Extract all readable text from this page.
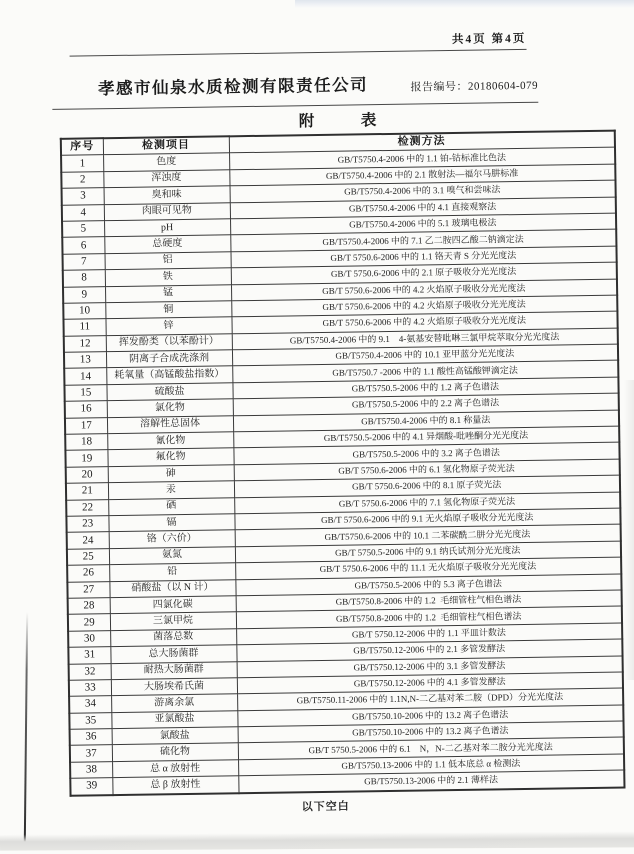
共4页 第4页
孝感市仙泉水质检测有限责任公司	报告编号：20180604-079
附　　　表
序号	检测项目	检测方法
1	色度	GB/T5750.4-2006 中的 1.1 铂-钴标准比色法
2	浑浊度	GB/T5750.4-2006 中的 2.1 散射法—福尔马肼标准
3	臭和味	GB/T5750.4-2006 中的 3.1 嗅气和尝味法
4	肉眼可见物	GB/T5750.4-2006 中的 4.1 直接观察法
5	pH	GB/T5750.4-2006 中的 5.1 玻璃电极法
6	总硬度	GB/T5750.4-2006 中的 7.1 乙二胺四乙酸二钠滴定法
7	铝	GB/T 5750.6-2006 中的 1.1 铬天青 S 分光光度法
8	铁	GB/T 5750.6-2006 中的 2.1 原子吸收分光光度法
9	锰	GB/T 5750.6-2006 中的 4.2 火焰原子吸收分光光度法
10	铜	GB/T 5750.6-2006 中的 4.2 火焰原子吸收分光光度法
11	锌	GB/T 5750.6-2006 中的 4.2 火焰原子吸收分光光度法
12	挥发酚类（以苯酚计）	GB/T5750.4-2006 中的 9.1　4-氨基安替吡啉三氯甲烷萃取分光光度法
13	阴离子合成洗涤剂	GB/T5750.4-2006 中的 10.1 亚甲蓝分光光度法
14	耗氧量（高锰酸盐指数）	GB/T5750.7 -2006 中的 1.1 酸性高锰酸钾滴定法
15	硫酸盐	GB/T5750.5-2006 中的 1.2 离子色谱法
16	氯化物	GB/T5750.5-2006 中的 2.2 离子色谱法
17	溶解性总固体	GB/T5750.4-2006 中的 8.1 称量法
18	氰化物	GB/T5750.5-2006 中的 4.1 异烟酸-吡唑酮分光光度法
19	氟化物	GB/T5750.5-2006 中的 3.2 离子色谱法
20	砷	GB/T 5750.6-2006 中的 6.1 氢化物原子荧光法
21	汞	GB/T 5750.6-2006 中的 8.1 原子荧光法
22	硒	GB/T 5750.6-2006 中的 7.1 氢化物原子荧光法
23	镉	GB/T 5750.6-2006 中的 9.1 无火焰原子吸收分光光度法
24	铬（六价）	GB/T5750.6-2006 中的 10.1 二苯碳酰二肼分光光度法
25	氨氮	GB/T 5750.5-2006 中的 9.1 纳氏试剂分光光度法
26	铅	GB/T 5750.6-2006 中的 11.1 无火焰原子吸收分光光度法
27	硝酸盐（以 N 计）	GB/T5750.5-2006 中的 5.3 离子色谱法
28	四氯化碳	GB/T5750.8-2006 中的 1.2  毛细管柱气相色谱法
29	三氯甲烷	GB/T5750.8-2006 中的 1.2  毛细管柱气相色谱法
30	菌落总数	GB/T 5750.12-2006 中的 1.1 平皿计数法
31	总大肠菌群	GB/T5750.12-2006 中的 2.1 多管发酵法
32	耐热大肠菌群	GB/T5750.12-2006 中的 3.1 多管发酵法
33	大肠埃希氏菌	GB/T5750.12-2006 中的 4.1 多管发酵法
34	游离余氯	GB/T5750.11-2006 中的 1.1N,N-二乙基对苯二胺（DPD）分光光度法
35	亚氯酸盐	GB/T5750.10-2006 中的 13.2 离子色谱法
36	氯酸盐	GB/T5750.10-2006 中的 13.2 离子色谱法
37	硫化物	GB/T 5750.5-2006 中的 6.1　N，N-二乙基对苯二胺分光光度法
38	总 α 放射性	GB/T5750.13-2006 中的 1.1 低本底总 α 检测法
39	总 β 放射性	GB/T5750.13-2006 中的 2.1 薄样法
以下空白
